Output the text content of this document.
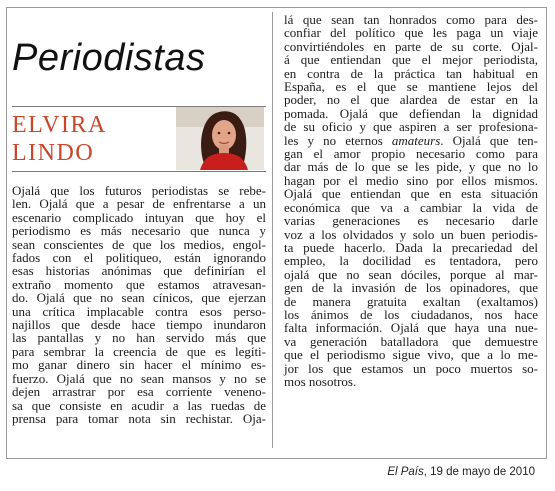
Periodistas
ELVIRA
LINDO
Ojalá que los futuros periodistas se rebe-
len. Ojalá que a pesar de enfrentarse a un
escenario complicado intuyan que hoy el
periodismo es más necesario que nunca y
sean conscientes de que los medios, engol-
fados con el politiqueo, están ignorando
esas historias anónimas que definirían el
extraño momento que estamos atravesan-
do. Ojalá que no sean cínicos, que ejerzan
una crítica implacable contra esos perso-
najillos que desde hace tiempo inundaron
las pantallas y no han servido más que
para sembrar la creencia de que es legíti-
mo ganar dinero sin hacer el mínimo es-
fuerzo. Ojalá que no sean mansos y no se
dejen arrastrar por esa corriente veneno-
sa que consiste en acudir a las ruedas de
prensa para tomar nota sin rechistar. Oja-
lá que sean tan honrados como para des-
confiar del político que les paga un viaje
convirtiéndoles en parte de su corte. Ojal-
á que entiendan que el mejor periodista,
en contra de la práctica tan habitual en
España, es el que se mantiene lejos del
poder, no el que alardea de estar en la
pomada. Ojalá que defiendan la dignidad
de su oficio y que aspiren a ser profesiona-
les y no eternos amateurs. Ojalá que ten-
gan el amor propio necesario como para
dar más de lo que se les pide, y que no lo
hagan por el medio sino por ellos mismos.
Ojalá que entiendan que en esta situación
económica que va a cambiar la vida de
varias generaciones es necesario darle
voz a los olvidados y solo un buen periodis-
ta puede hacerlo. Dada la precariedad del
empleo, la docilidad es tentadora, pero
ojalá que no sean dóciles, porque al mar-
gen de la invasión de los opinadores, que
de manera gratuita exaltan (exaltamos)
los ánimos de los ciudadanos, nos hace
falta información. Ojalá que haya una nue-
va generación batalladora que demuestre
que el periodismo sigue vivo, que a lo me-
jor los que estamos un poco muertos so-
mos nosotros.
El País, 19 de mayo de 2010
